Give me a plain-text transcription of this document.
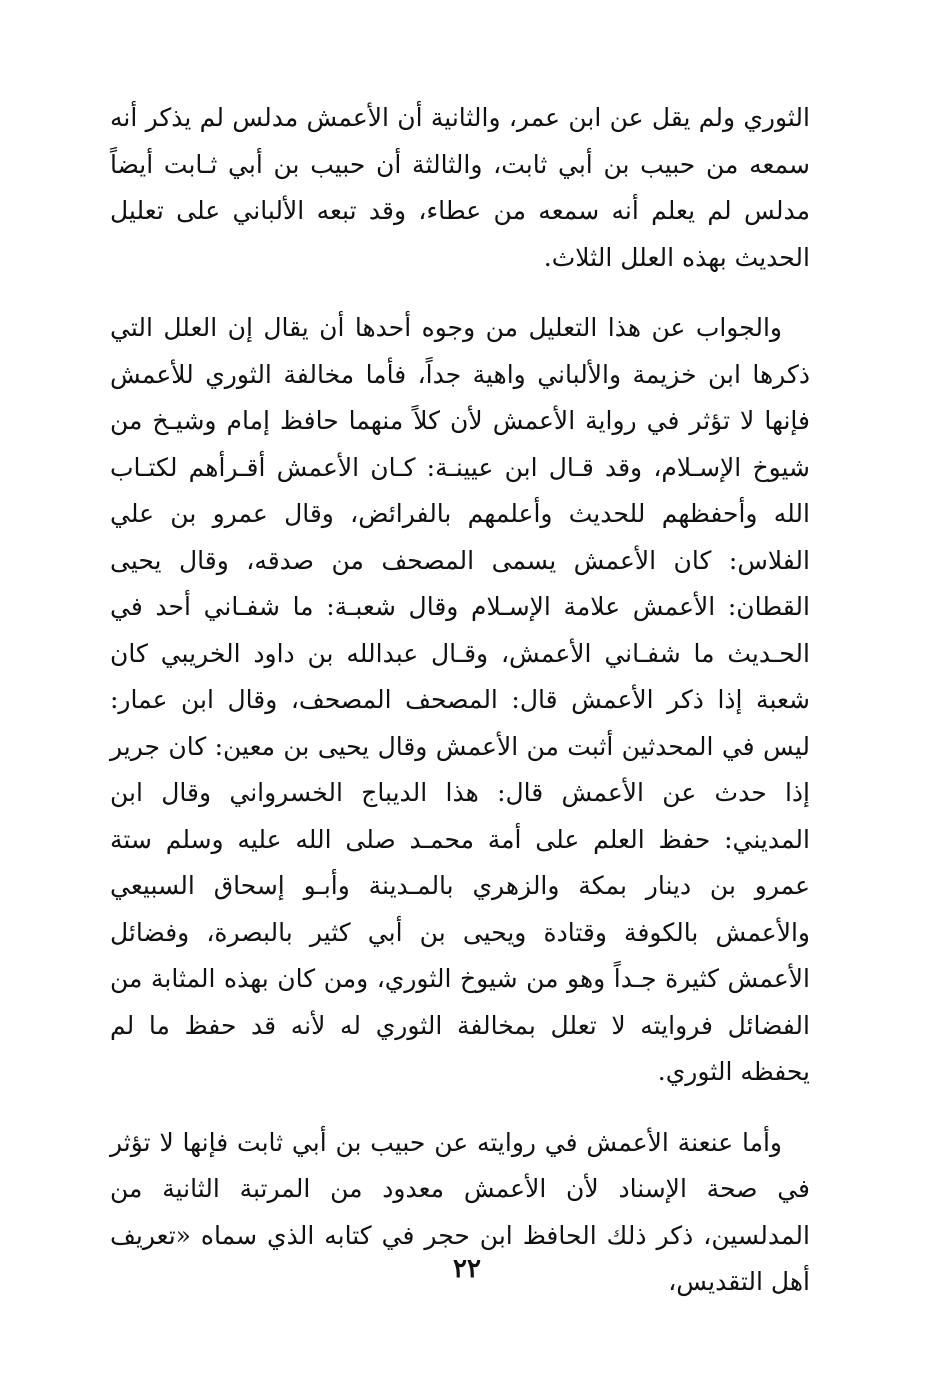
الثوري ولم يقل عن ابن عمر، والثانية أن الأعمش مدلس لم يذكر أنه سمعه من حبيب بن أبي ثابت، والثالثة أن حبيب بن أبي ثـابت أيضاً مدلس لم يعلم أنه سمعه من عطاء، وقد تبعه الألباني على تعليل الحديث بهذه العلل الثلاث.

والجواب عن هذا التعليل من وجوه أحدها أن يقال إن العلل التي ذكرها ابن خزيمة والألباني واهية جداً، فأما مخالفة الثوري للأعمش فإنها لا تؤثر في رواية الأعمش لأن كلاً منهما حافظ إمام وشيـخ من شيوخ الإسـلام، وقد قـال ابن عيينـة: كـان الأعمش أقـرأهم لكتـاب الله وأحفظهم للحديث وأعلمهم بالفرائض، وقال عمرو بن علي الفلاس: كان الأعمش يسمى المصحف من صدقه، وقال يحيى القطان: الأعمش علامة الإسـلام وقال شعبـة: ما شفـاني أحد في الحـديث ما شفـاني الأعمش، وقـال عبدالله بن داود الخريبي كان شعبة إذا ذكر الأعمش قال: المصحف المصحف، وقال ابن عمار: ليس في المحدثين أثبت من الأعمش وقال يحيى بن معين: كان جرير إذا حدث عن الأعمش قال: هذا الديباج الخسرواني وقال ابن المديني: حفظ العلم على أمة محمـد صلى الله عليه وسلم ستة عمرو بن دينار بمكة والزهري بالمـدينة وأبـو إسحاق السبيعي والأعمش بالكوفة وقتادة ويحيى بن أبي كثير بالبصرة، وفضائل الأعمش كثيرة جـداً وهو من شيوخ الثوري، ومن كان بهذه المثابة من الفضائل فروايته لا تعلل بمخالفة الثوري له لأنه قد حفظ ما لم يحفظه الثوري.

وأما عنعنة الأعمش في روايته عن حبيب بن أبي ثابت فإنها لا تؤثر في صحة الإسناد لأن الأعمش معدود من المرتبة الثانية من المدلسين، ذكر ذلك الحافظ ابن حجر في كتابه الذي سماه «تعريف أهل التقديس،

٢٢
